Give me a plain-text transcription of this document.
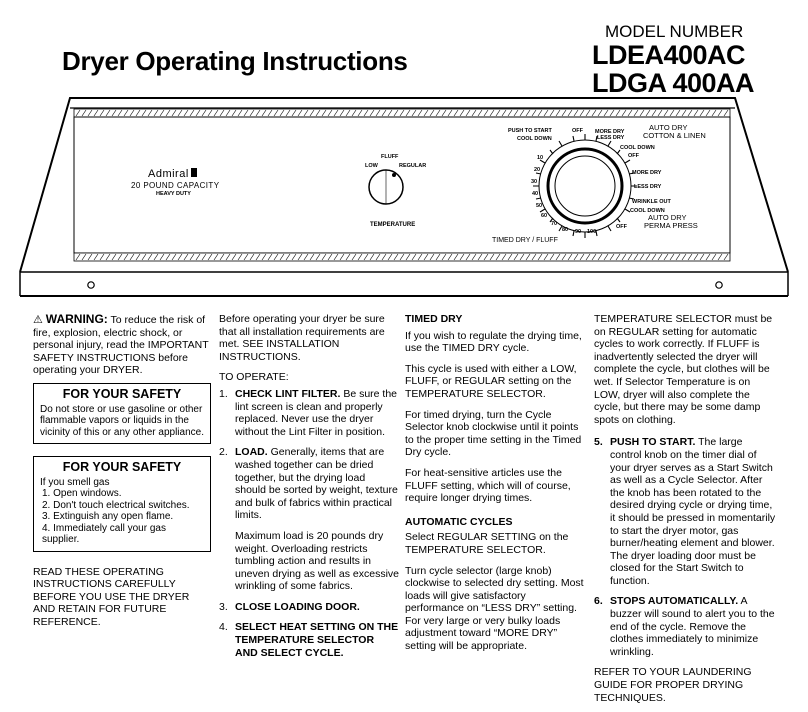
Dryer Operating Instructions
MODEL NUMBER
LDEA400AC
LDGA 400AA
Admiral
20 POUND CAPACITY
HEAVY DUTY
LOW
FLUFF
REGULAR
TEMPERATURE
PUSH TO START
COOL DOWN
OFF MORE DRY
LESS DRY
AUTO DRY
COTTON & LINEN
COOL DOWN
OFF
MORE DRY
LESS DRY
WRINKLE OUT
COOL DOWN
OFF
AUTO DRY
PERMA PRESS
TIMED DRY / FLUFF
10
20
30
40
50
60
70
80 90 100

⚠ WARNING: To reduce the risk of fire, explosion, electric shock, or personal injury, read the IMPORTANT SAFETY INSTRUCTIONS before operating your DRYER.

FOR YOUR SAFETY
Do not store or use gasoline or other flammable vapors or liquids in the vicinity of this or any other appliance.
FOR YOUR SAFETY
If you smell gas
1. Open windows.
2. Don't touch electrical switches.
3. Extinguish any open flame.
4. Immediately call your gas supplier.

READ THESE OPERATING INSTRUCTIONS CAREFULLY BEFORE YOU USE THE DRYER AND RETAIN FOR FUTURE REFERENCE.

Before operating your dryer be sure that all installation requirements are met. SEE INSTALLATION INSTRUCTIONS.

TO OPERATE:

1. CHECK LINT FILTER. Be sure the lint screen is clean and properly replaced. Never use the dryer without the Lint Filter in position.
2. LOAD. Generally, items that are washed together can be dried together, but the drying load should be sorted by weight, texture and bulk of fabrics within practical limits.
Maximum load is 20 pounds dry weight. Overloading restricts tumbling action and results in uneven drying as well as excessive wrinkling of some fabrics.
3. CLOSE LOADING DOOR.
4. SELECT HEAT SETTING ON THE TEMPERATURE SELECTOR AND SELECT CYCLE.

TIMED DRY

If you wish to regulate the drying time, use the TIMED DRY cycle.

This cycle is used with either a LOW, FLUFF, or REGULAR setting on the TEMPERATURE SELECTOR.

For timed drying, turn the Cycle Selector knob clockwise until it points to the proper time setting in the Timed Dry cycle.

For heat-sensitive articles use the FLUFF setting, which will of course, require longer drying times.

AUTOMATIC CYCLES

Select REGULAR SETTING on the TEMPERATURE SELECTOR.

Turn cycle selector (large knob) clockwise to selected dry setting. Most loads will give satisfactory performance on “LESS DRY” setting. For very large or very bulky loads adjustment toward “MORE DRY” setting will be appropriate.

TEMPERATURE SELECTOR must be on REGULAR setting for automatic cycles to work correctly. If FLUFF is inadvertently selected the dryer will complete the cycle, but clothes will be wet. If Selector Temperature is on LOW, dryer will also complete the cycle, but there may be some damp spots on clothing.

5. PUSH TO START. The large control knob on the timer dial of your dryer serves as a Start Switch as well as a Cycle Selector. After the knob has been rotated to the desired drying cycle or drying time, it should be pressed in momentarily to start the dryer motor, gas burner/heating element and blower. The dryer loading door must be closed for the Start Switch to function.
6. STOPS AUTOMATICALLY. A buzzer will sound to alert you to the end of the cycle. Remove the clothes immediately to minimize wrinkling.

REFER TO YOUR LAUNDERING GUIDE FOR PROPER DRYING TECHNIQUES.
